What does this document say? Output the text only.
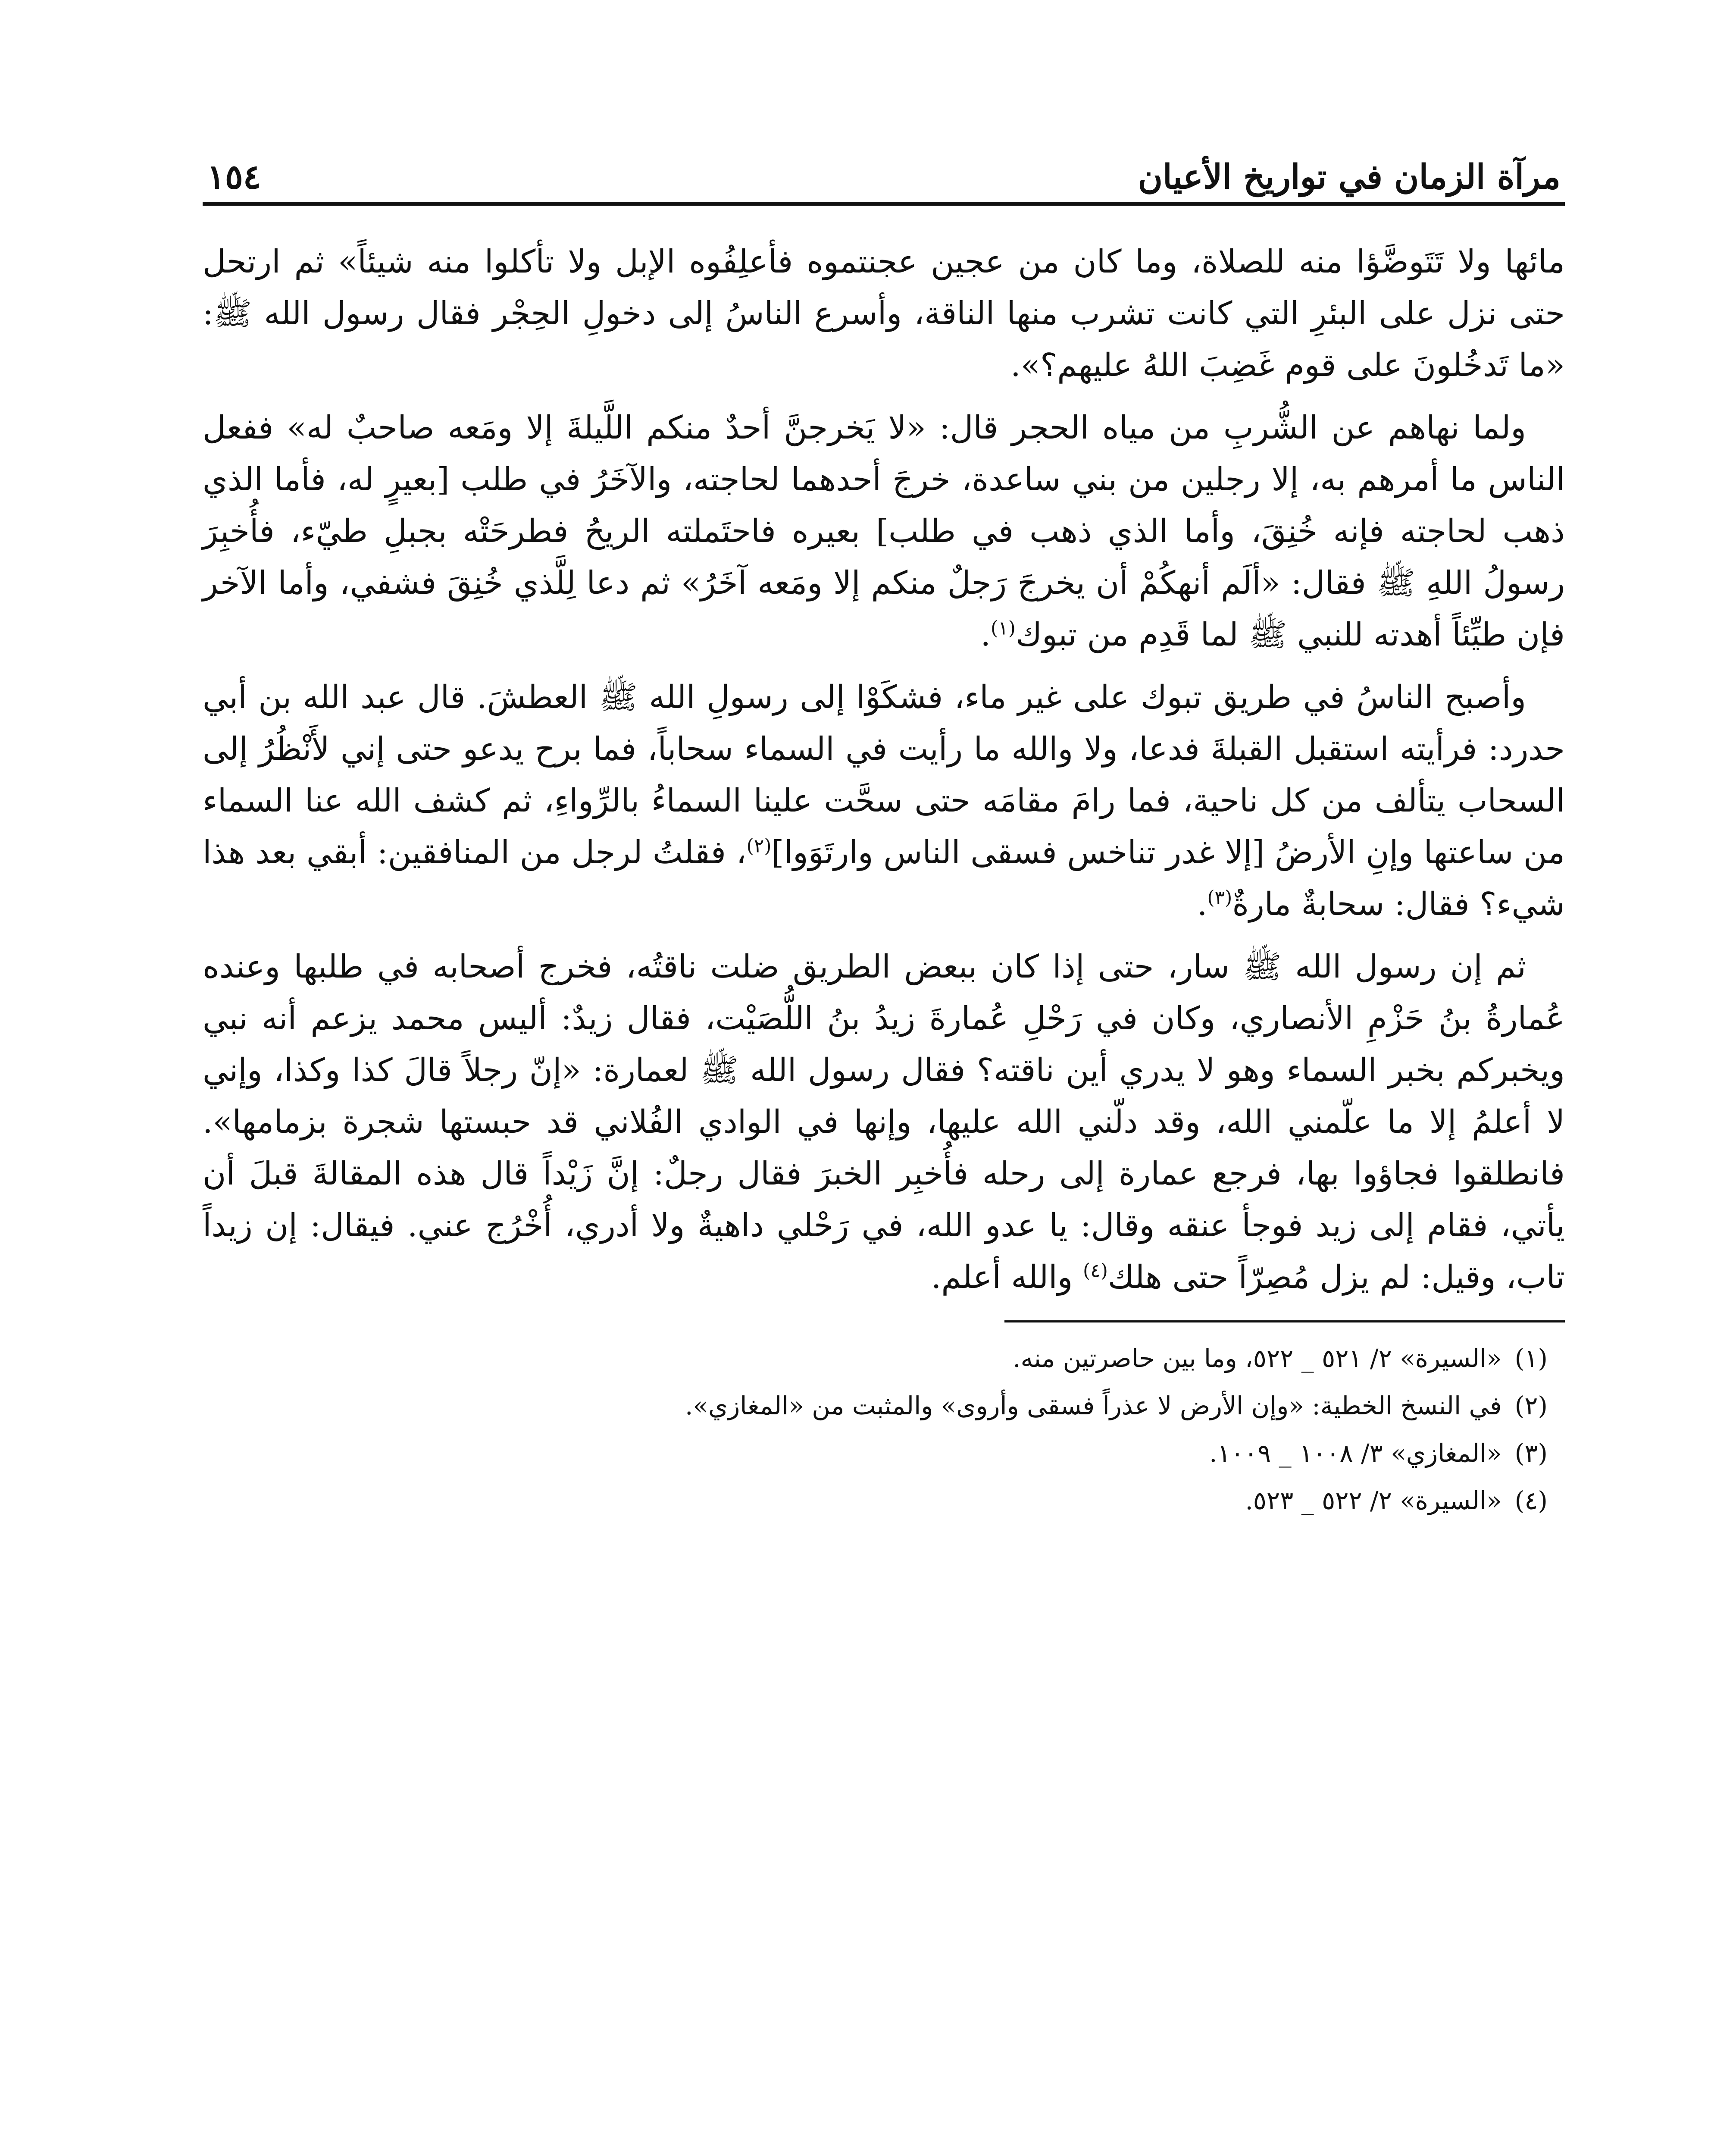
مرآة الزمان في تواريخ الأعيان
١٥٤

مائها ولا تَتَوضَّؤا منه للصلاة، وما كان من عجين عجنتموه فأعلِفُوه الإبل ولا تأكلوا منه شيئاً» ثم ارتحل حتى نزل على البئرِ التي كانت تشرب منها الناقة، وأسرع الناسُ إلى دخولِ الحِجْر فقال رسول الله ﷺ: «ما تَدخُلونَ على قوم غَضِبَ اللهُ عليهم؟».

ولما نهاهم عن الشُّربِ من مياه الحجر قال: «لا يَخرجنَّ أحدٌ منكم اللَّيلةَ إلا ومَعه صاحبٌ له» ففعل الناس ما أمرهم به، إلا رجلين من بني ساعدة، خرجَ أحدهما لحاجته، والآخَرُ في طلب [بعيرٍ له، فأما الذي ذهب لحاجته فإنه خُنِقَ، وأما الذي ذهب في طلب] بعيره فاحتَملته الريحُ فطرحَتْه بجبلِ طيّء، فأُخبِرَ رسولُ اللهِ ﷺ فقال: «ألَم أنهكُمْ أن يخرجَ رَجلٌ منكم إلا ومَعه آخَرُ» ثم دعا لِلَّذي خُنِقَ فشفي، وأما الآخر فإن طيِّئاً أهدته للنبي ﷺ لما قَدِم من تبوك$^{(١)}$.

وأصبح الناسُ في طريق تبوك على غير ماء، فشكَوْا إلى رسولِ الله ﷺ العطشَ. قال عبد الله بن أبي حدرد: فرأيته استقبل القبلةَ فدعا، ولا والله ما رأيت في السماء سحاباً، فما برح يدعو حتى إني لأَنْظُرُ إلى السحاب يتألف من كل ناحية، فما رامَ مقامَه حتى سحَّت علينا السماءُ بالرِّواءِ، ثم كشف الله عنا السماء من ساعتها وإنِ الأرضُ [إلا غدر تناخس فسقى الناس وارتَوَوا]$^{(٢)}$، فقلتُ لرجل من المنافقين: أبقي بعد هذا شيء؟ فقال: سحابةٌ مارةٌ$^{(٣)}$.

ثم إن رسول الله ﷺ سار، حتى إذا كان ببعض الطريق ضلت ناقتُه، فخرج أصحابه في طلبها وعنده عُمارةُ بنُ حَزْمِ الأنصاري، وكان في رَحْلِ عُمارةَ زيدُ بنُ اللُّصَيْت، فقال زيدٌ: أليس محمد يزعم أنه نبي ويخبركم بخبر السماء وهو لا يدري أين ناقته؟ فقال رسول الله ﷺ لعمارة: «إنّ رجلاً قالَ كذا وكذا، وإني لا أعلمُ إلا ما علّمني الله، وقد دلّني الله عليها، وإنها في الوادي الفُلاني قد حبستها شجرة بزمامها». فانطلقوا فجاؤوا بها، فرجع عمارة إلى رحله فأُخبِر الخبرَ فقال رجلٌ: إنَّ زَيْداً قال هذه المقالةَ قبلَ أن يأتي، فقام إلى زيد فوجأ عنقه وقال: يا عدو الله، في رَحْلي داهيةٌ ولا أدري، أُخْرُج عني. فيقال: إن زيداً تاب، وقيل: لم يزل مُصِرّاً حتى هلك$^{(٤)}$ والله أعلم.

(١)
«السيرة» ٢/ ٥٢١ _ ٥٢٢، وما بين حاصرتين منه.
(٢)
في النسخ الخطية: «وإن الأرض لا عذراً فسقى وأروى» والمثبت من «المغازي».
(٣)
«المغازي» ٣/ ١٠٠٨ _ ١٠٠٩.
(٤)
«السيرة» ٢/ ٥٢٢ _ ٥٢٣.
